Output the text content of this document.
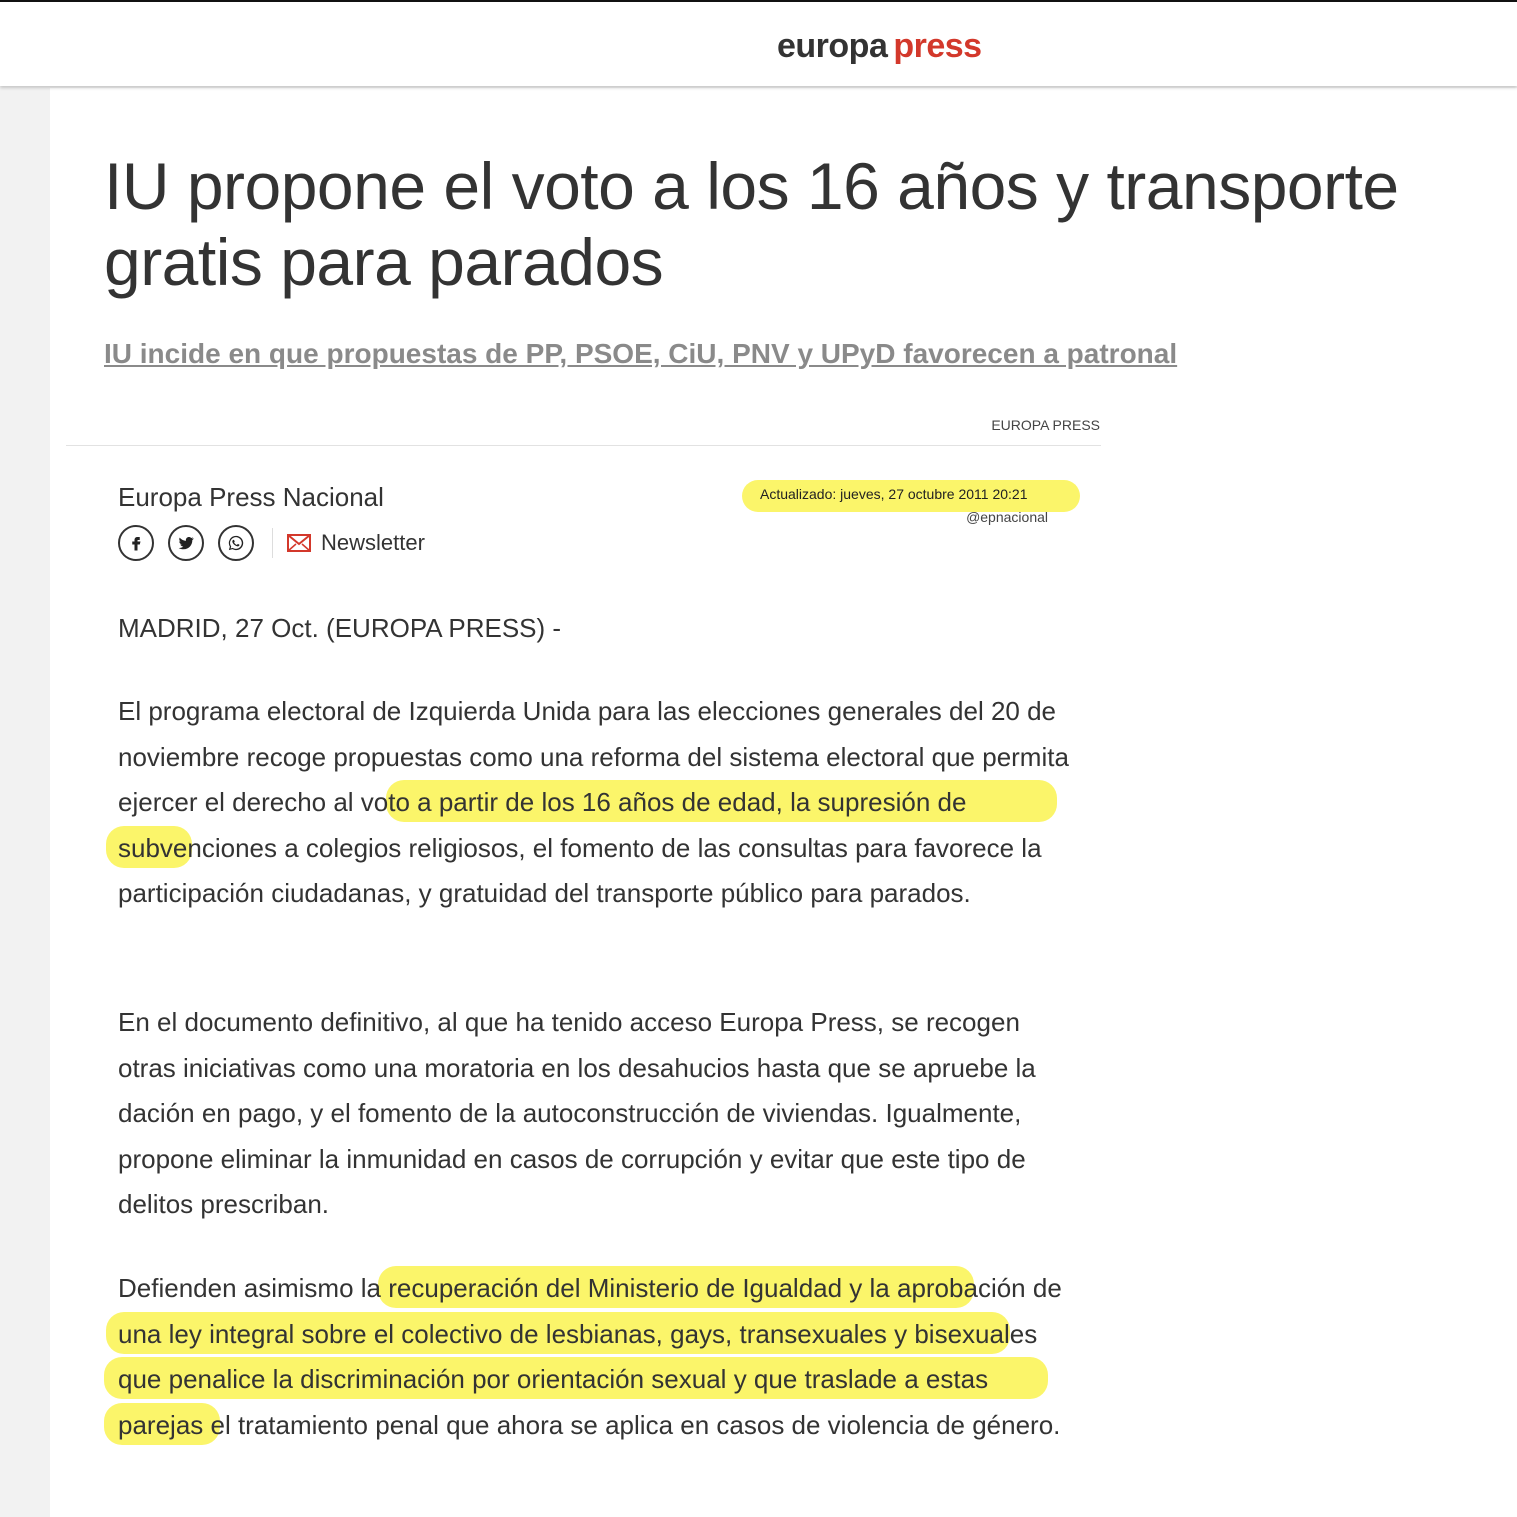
europa press
IU propone el voto a los 16 años y transporte gratis para parados
IU incide en que propuestas de PP, PSOE, CiU, PNV y UPyD favorecen a patronal
EUROPA PRESS
Europa Press Nacional
Newsletter
Actualizado: jueves, 27 octubre 2011 20:21
@epnacional

MADRID, 27 Oct. (EUROPA PRESS) -

El programa electoral de Izquierda Unida para las elecciones generales del 20 de noviembre recoge propuestas como una reforma del sistema electoral que permita ejercer el derecho al voto a partir de los 16 años de edad, la supresión de subvenciones a colegios religiosos, el fomento de las consultas para favorece la participación ciudadanas, y gratuidad del transporte público para parados.

En el documento definitivo, al que ha tenido acceso Europa Press, se recogen otras iniciativas como una moratoria en los desahucios hasta que se apruebe la dación en pago, y el fomento de la autoconstrucción de viviendas. Igualmente, propone eliminar la inmunidad en casos de corrupción y evitar que este tipo de delitos prescriban.

Defienden asimismo la recuperación del Ministerio de Igualdad y la aprobación de una ley integral sobre el colectivo de lesbianas, gays, transexuales y bisexuales que penalice la discriminación por orientación sexual y que traslade a estas parejas el tratamiento penal que ahora se aplica en casos de violencia de género.
